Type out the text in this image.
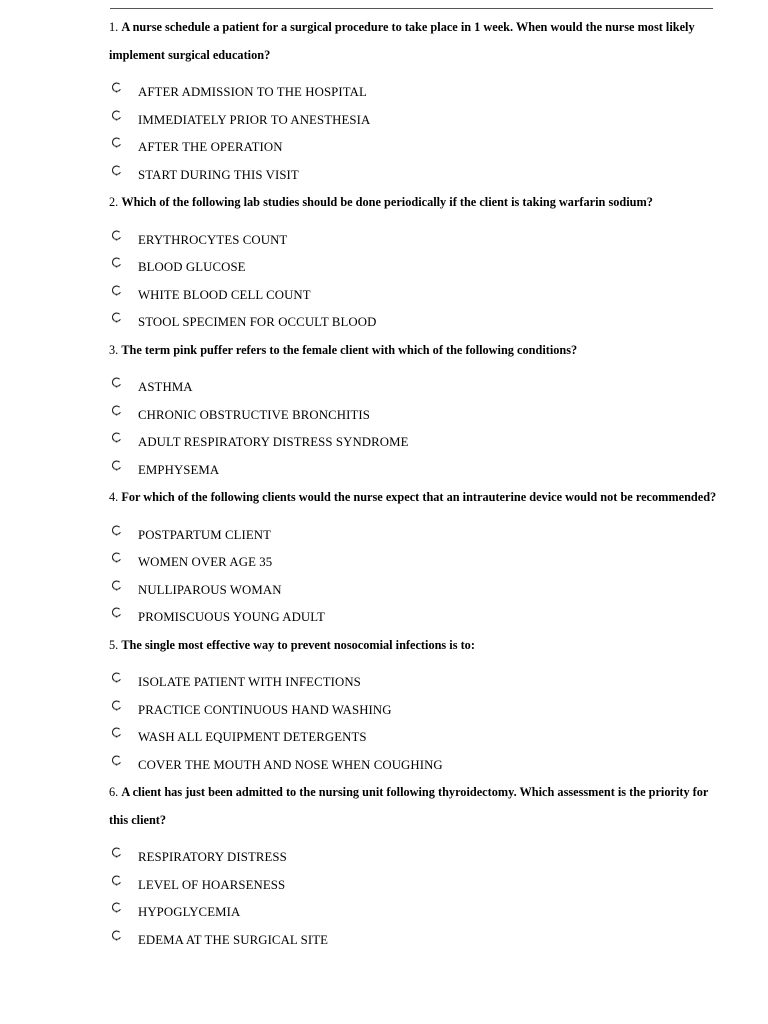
1. A nurse schedule a patient for a surgical procedure to take place in 1 week. When would the nurse most likely implement surgical education?

AFTER ADMISSION TO THE HOSPITAL
IMMEDIATELY PRIOR TO ANESTHESIA
AFTER THE OPERATION
START DURING THIS VISIT

2. Which of the following lab studies should be done periodically if the client is taking warfarin sodium?

ERYTHROCYTES COUNT
BLOOD GLUCOSE
WHITE BLOOD CELL COUNT
STOOL SPECIMEN FOR OCCULT BLOOD

3. The term pink puffer refers to the female client with which of the following conditions?

ASTHMA
CHRONIC OBSTRUCTIVE BRONCHITIS
ADULT RESPIRATORY DISTRESS SYNDROME
EMPHYSEMA

4. For which of the following clients would the nurse expect that an intrauterine device would not be recommended?

POSTPARTUM CLIENT
WOMEN OVER AGE 35
NULLIPAROUS WOMAN
PROMISCUOUS YOUNG ADULT

5. The single most effective way to prevent nosocomial infections is to:

ISOLATE PATIENT WITH INFECTIONS
PRACTICE CONTINUOUS HAND WASHING
WASH ALL EQUIPMENT DETERGENTS
COVER THE MOUTH AND NOSE WHEN COUGHING

6. A client has just been admitted to the nursing unit following thyroidectomy. Which assessment is the priority for this client?

RESPIRATORY DISTRESS
LEVEL OF HOARSENESS
HYPOGLYCEMIA
EDEMA AT THE SURGICAL SITE
